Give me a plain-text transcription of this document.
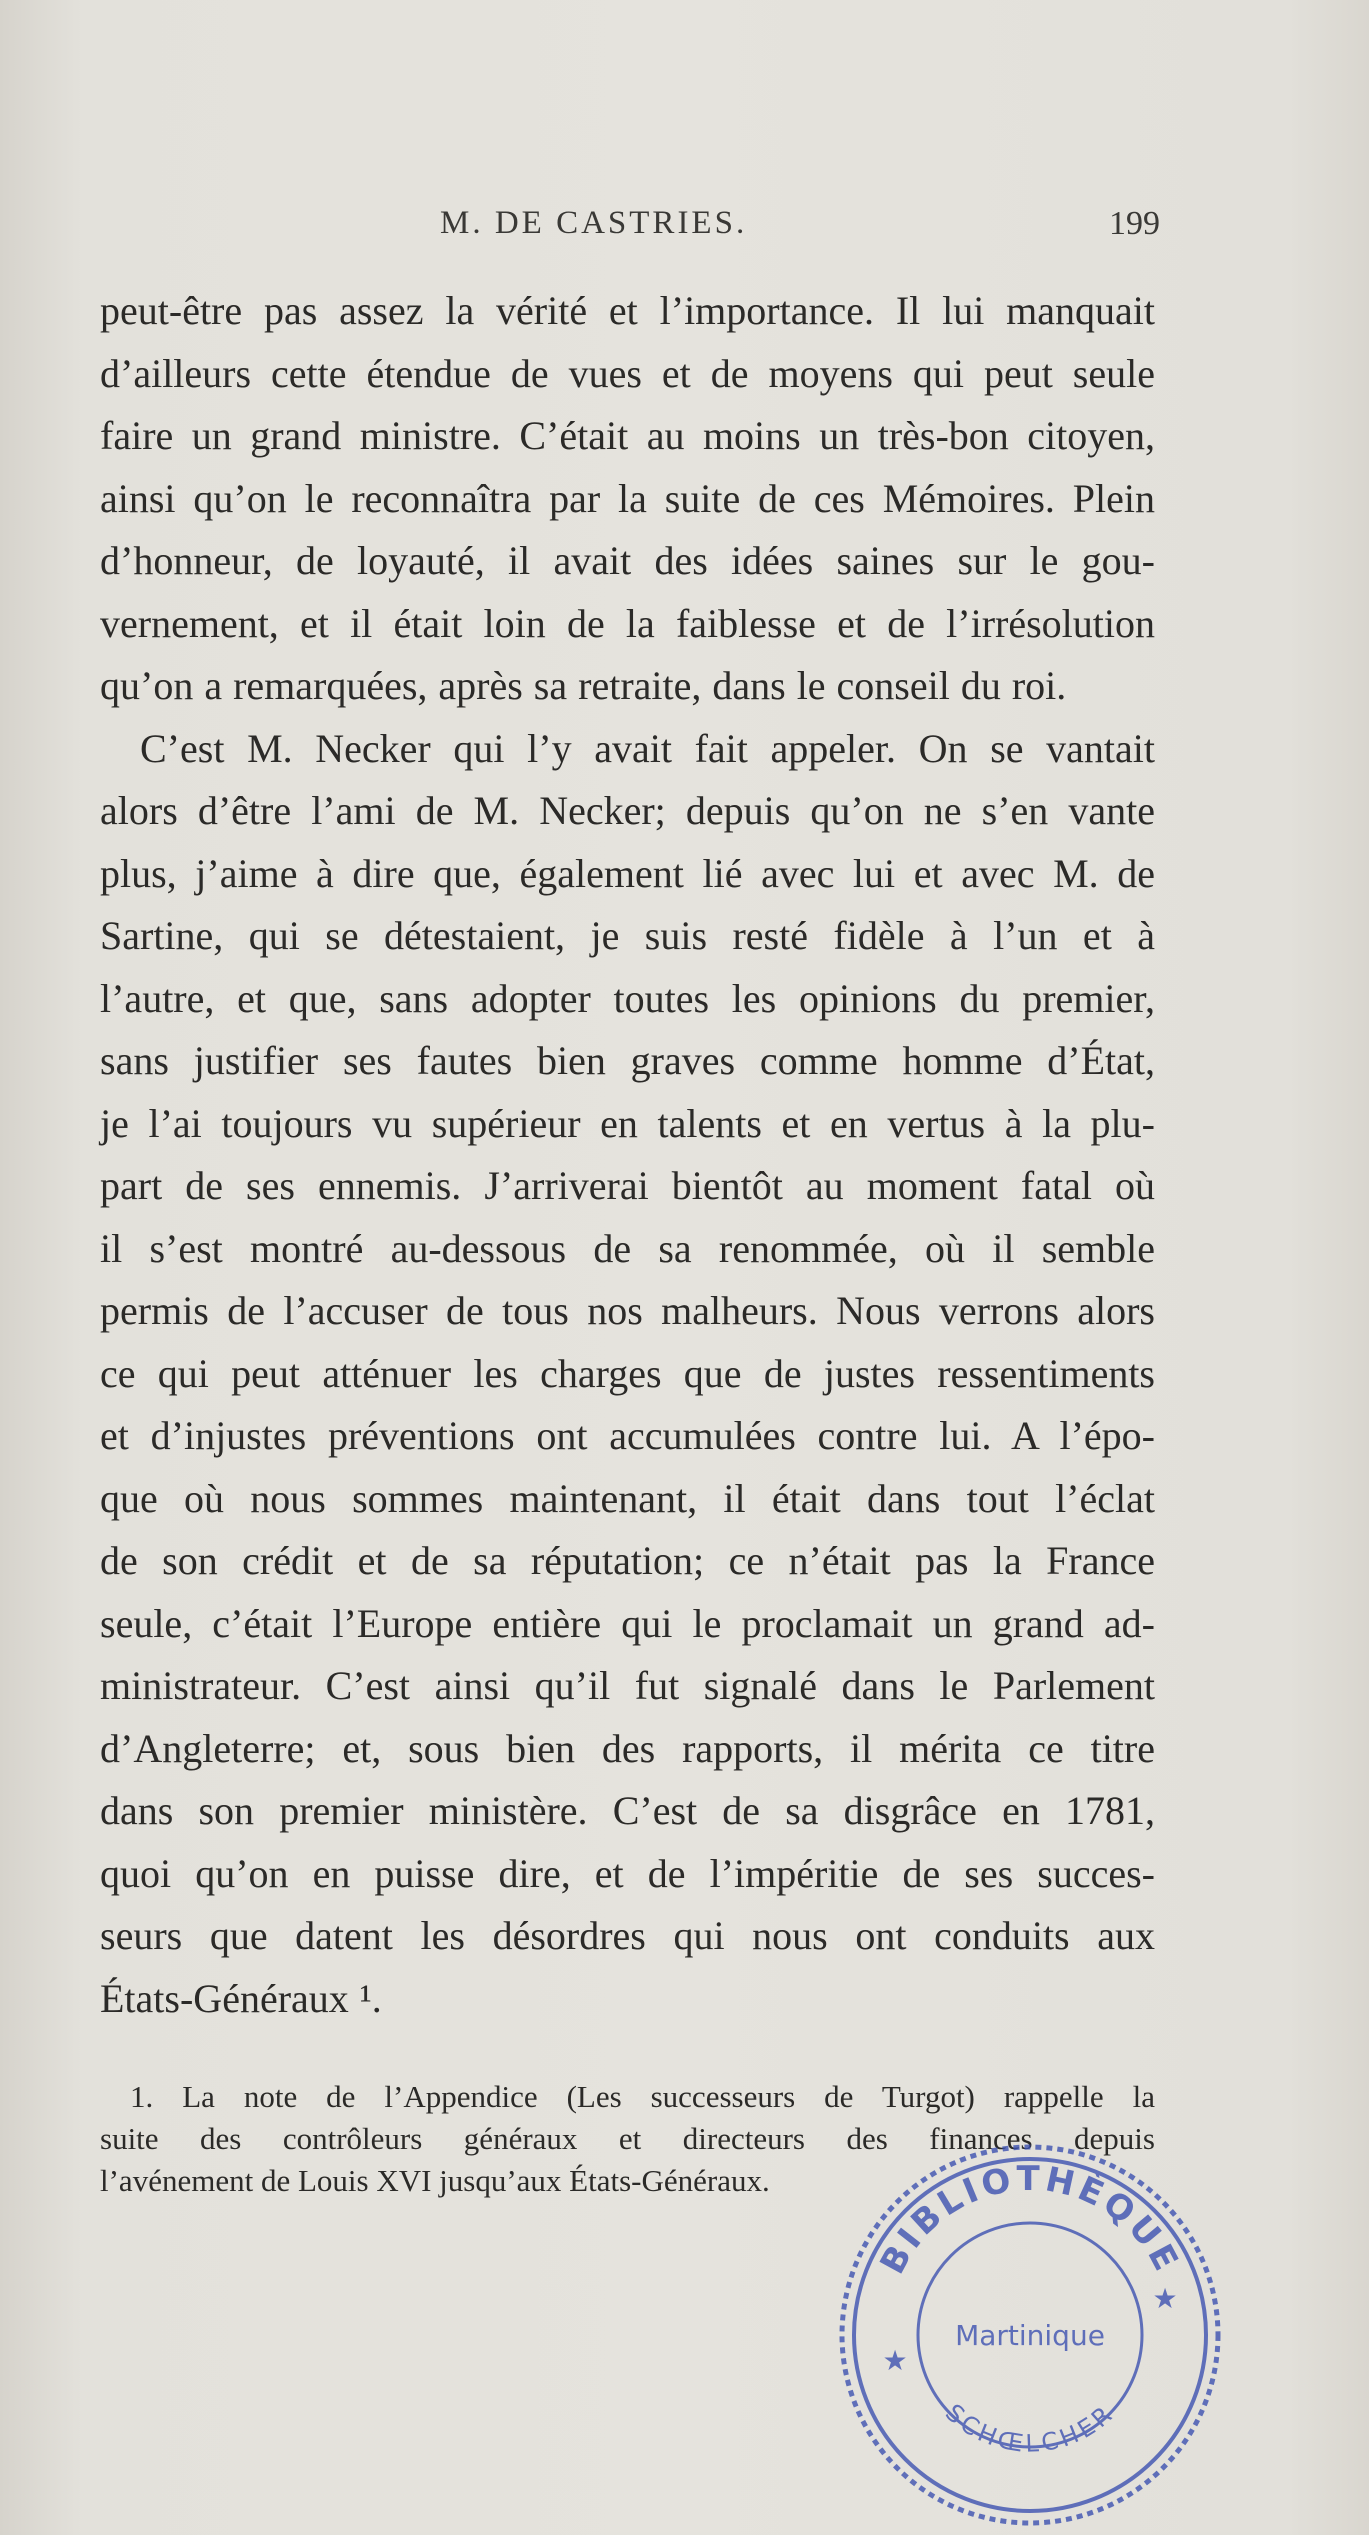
M. DE CASTRIES.	199
peut-être pas assez la vérité et l’importance. Il lui manquait
d’ailleurs cette étendue de vues et de moyens qui peut seule
faire un grand ministre. C’était au moins un très-bon citoyen,
ainsi qu’on le reconnaîtra par la suite de ces Mémoires. Plein
d’honneur, de loyauté, il avait des idées saines sur le gou-
vernement, et il était loin de la faiblesse et de l’irrésolution
qu’on a remarquées, après sa retraite, dans le conseil du roi.
C’est M. Necker qui l’y avait fait appeler. On se vantait
alors d’être l’ami de M. Necker; depuis qu’on ne s’en vante
plus, j’aime à dire que, également lié avec lui et avec M. de
Sartine, qui se détestaient, je suis resté fidèle à l’un et à
l’autre, et que, sans adopter toutes les opinions du premier,
sans justifier ses fautes bien graves comme homme d’État,
je l’ai toujours vu supérieur en talents et en vertus à la plu-
part de ses ennemis. J’arriverai bientôt au moment fatal où
il s’est montré au-dessous de sa renommée, où il semble
permis de l’accuser de tous nos malheurs. Nous verrons alors
ce qui peut atténuer les charges que de justes ressentiments
et d’injustes préventions ont accumulées contre lui. A l’épo-
que où nous sommes maintenant, il était dans tout l’éclat
de son crédit et de sa réputation; ce n’était pas la France
seule, c’était l’Europe entière qui le proclamait un grand ad-
ministrateur. C’est ainsi qu’il fut signalé dans le Parlement
d’Angleterre; et, sous bien des rapports, il mérita ce titre
dans son premier ministère. C’est de sa disgrâce en 1781,
quoi qu’on en puisse dire, et de l’impéritie de ses succes-
seurs que datent les désordres qui nous ont conduits aux
États-Généraux ¹.
1. La note de l’Appendice (Les successeurs de Turgot) rappelle la
suite des contrôleurs généraux et directeurs des finances depuis
l’avénement de Louis XVI jusqu’aux États-Généraux.
BIBLIOTHÈQUE
SCHŒLCHER
Martinique
★
★
